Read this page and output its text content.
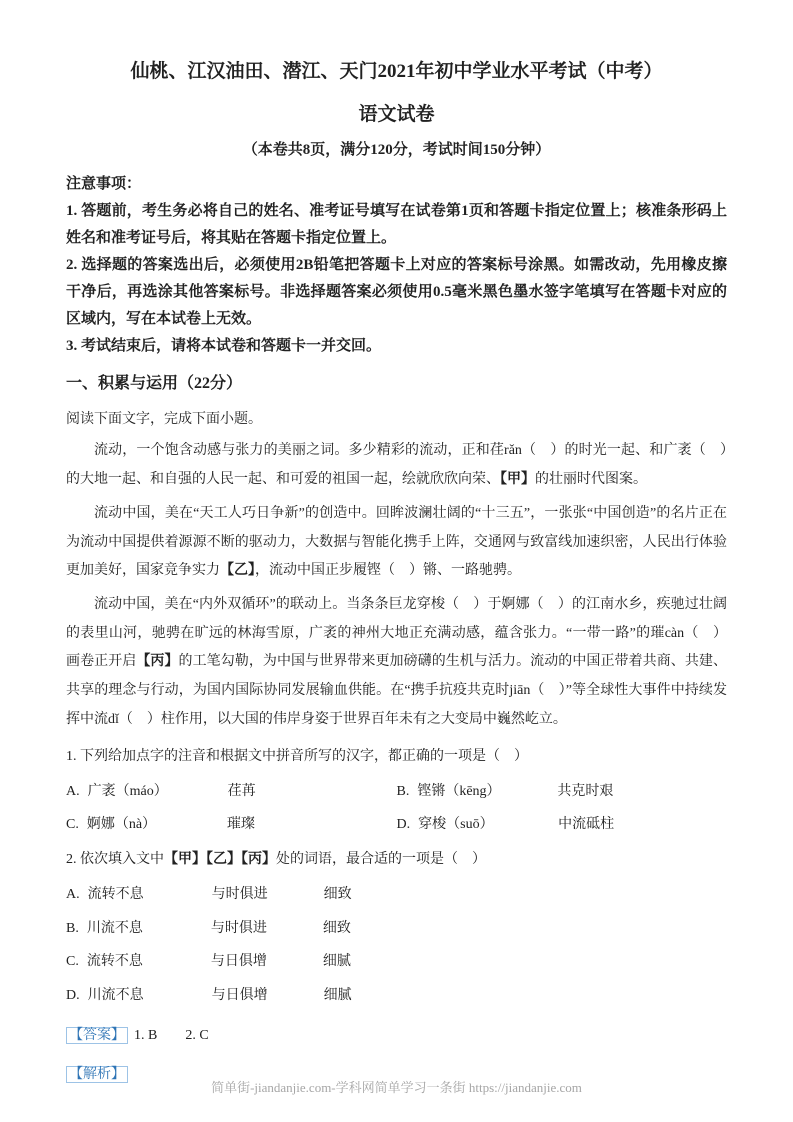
仙桃、江汉油田、潜江、天门2021年初中学业水平考试（中考）
语文试卷
（本卷共8页，满分120分，考试时间150分钟）
注意事项：
1. 答题前，考生务必将自己的姓名、准考证号填写在试卷第1页和答题卡指定位置上；核准条形码上姓名和准考证号后，将其贴在答题卡指定位置上。
2. 选择题的答案选出后，必须使用2B铅笔把答题卡上对应的答案标号涂黑。如需改动，先用橡皮擦干净后，再选涂其他答案标号。非选择题答案必须使用0.5毫米黑色墨水签字笔填写在答题卡对应的区域内，写在本试卷上无效。
3. 考试结束后，请将本试卷和答题卡一并交回。
一、积累与运用（22分）
阅读下面文字，完成下面小题。

流动，一个饱含动感与张力的美丽之词。多少精彩的流动，正和荏rǎn（　）的时光一起、和广袤（　）的大地一起、和自强的人民一起、和可爱的祖国一起，绘就欣欣向荣、【甲】的壮丽时代图案。

流动中国，美在“天工人巧日争新”的创造中。回眸波澜壮阔的“十三五”，一张张“中国创造”的名片正在为流动中国提供着源源不断的驱动力，大数据与智能化携手上阵，交通网与致富线加速织密，人民出行体验更加美好，国家竞争实力【乙】，流动中国正步履铿（　）锵、一路驰骋。

流动中国，美在“内外双循环”的联动上。当条条巨龙穿梭（　）于婀娜（　）的江南水乡，疾驰过壮阔的表里山河，驰骋在旷远的林海雪原，广袤的神州大地正充满动感，蕴含张力。“一带一路”的璀càn（　）画卷正开启【丙】的工笔勾勒，为中国与世界带来更加磅礴的生机与活力。流动的中国正带着共商、共建、共享的理念与行动，为国内国际协同发展输血供能。在“携手抗疫共克时jiān（　）”等全球性大事件中持续发挥中流dǐ（　）柱作用，以大国的伟岸身姿于世界百年未有之大变局中巍然屹立。

1. 下列给加点字的注音和根据文中拼音所写的汉字，都正确的一项是（　）
A. 广袤（máo）	荏苒	B. 铿锵（kēng）	共克时艰
C. 婀娜（nà）	璀璨	D. 穿梭（suō）	中流砥柱
2. 依次填入文中【甲】【乙】【丙】处的词语，最合适的一项是（　）
A. 流转不息	与时俱进	细致
B. 川流不息	与时俱进	细致
C. 流转不息	与日俱增	细腻
D. 川流不息	与日俱增	细腻
【答案】 1. B 2. C
【解析】
简单街-jiandanjie.com-学科网简单学习一条街 https://jiandanjie.com
